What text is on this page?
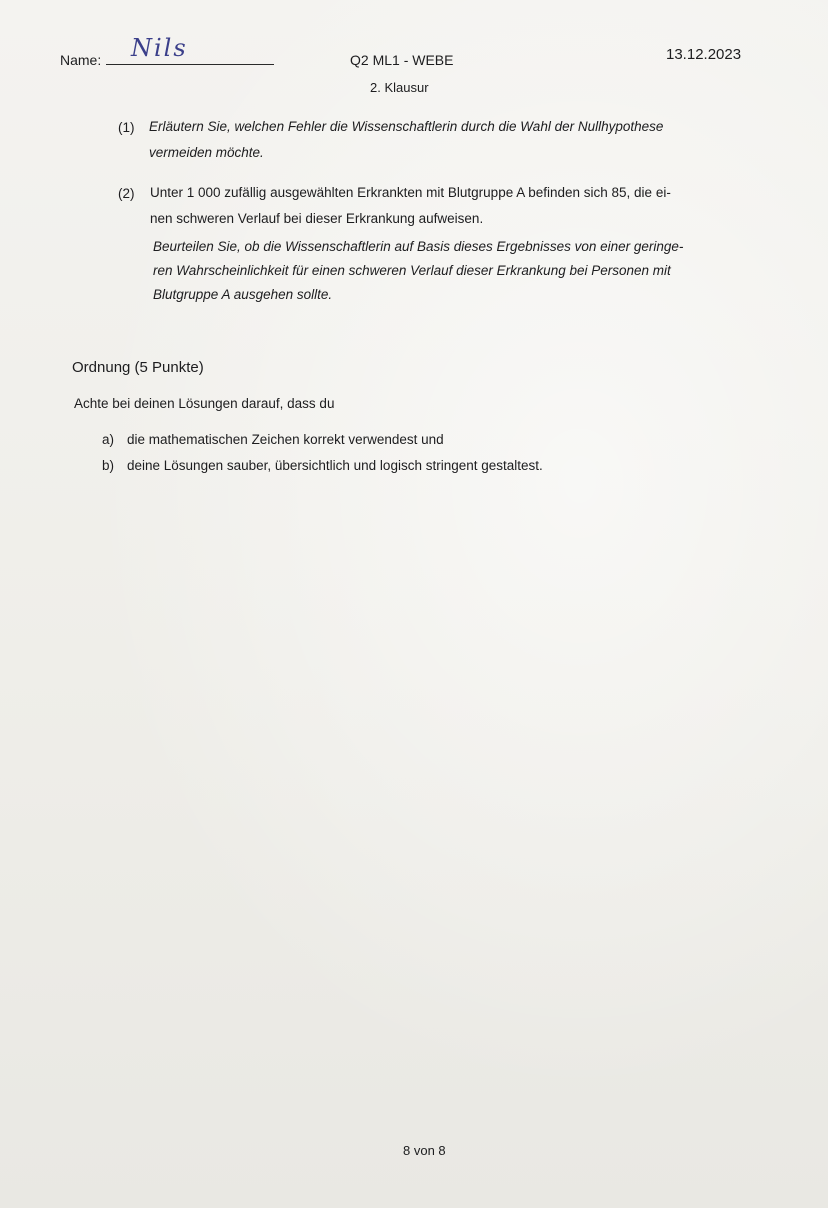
Name: Nils	Q2 ML1 - WEBE	13.12.2023
2. Klausur
(1) Erläutern Sie, welchen Fehler die Wissenschaftlerin durch die Wahl der Nullhypothese
vermeiden möchte.
(2) Unter 1 000 zufällig ausgewählten Erkrankten mit Blutgruppe A befinden sich 85, die ei-
nen schweren Verlauf bei dieser Erkrankung aufweisen.
Beurteilen Sie, ob die Wissenschaftlerin auf Basis dieses Ergebnisses von einer geringe-
ren Wahrscheinlichkeit für einen schweren Verlauf dieser Erkrankung bei Personen mit
Blutgruppe A ausgehen sollte.
Ordnung (5 Punkte)
Achte bei deinen Lösungen darauf, dass du
a) die mathematischen Zeichen korrekt verwendest und
b) deine Lösungen sauber, übersichtlich und logisch stringent gestaltest.
8 von 8
